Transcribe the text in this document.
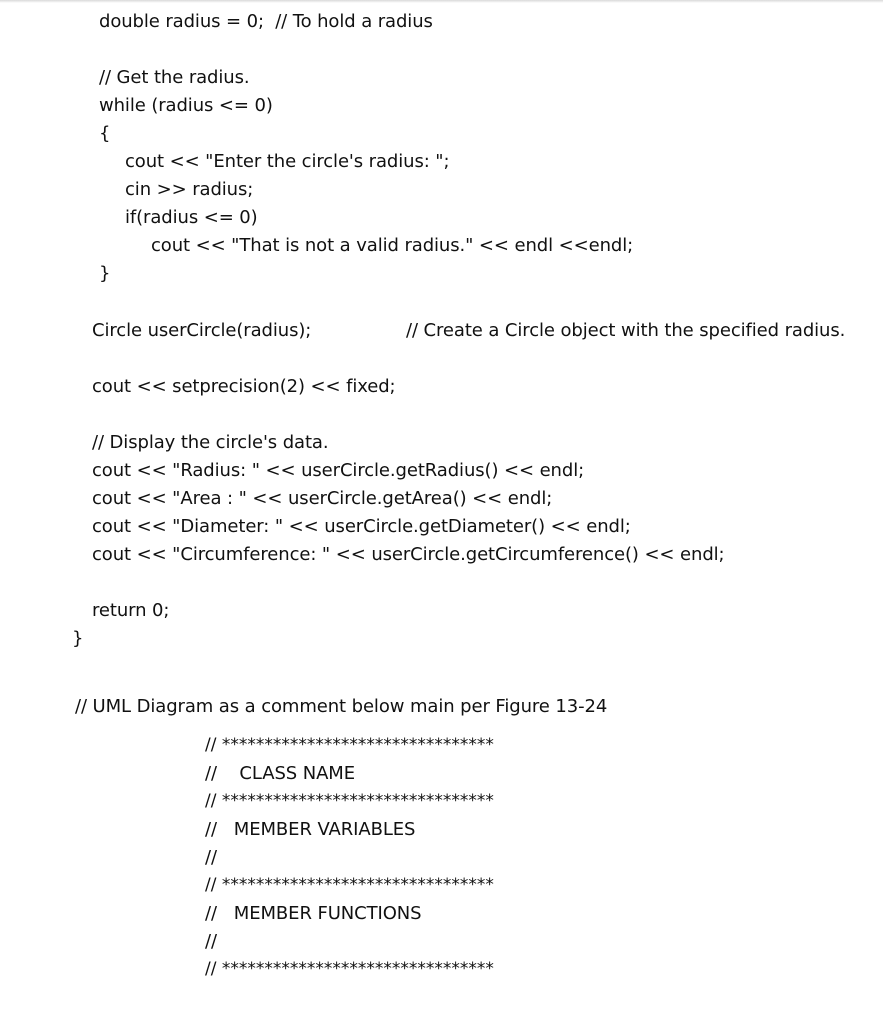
double radius = 0;  // To hold a radius
// Get the radius.
while (radius <= 0)
{
cout << "Enter the circle's radius: ";
cin >> radius;
if(radius <= 0)
cout << "That is not a valid radius." << endl <<endl;
}
Circle userCircle(radius);	// Create a Circle object with the specified radius.
cout << setprecision(2) << fixed;
// Display the circle's data.
cout << "Radius: " << userCircle.getRadius() << endl;
cout << "Area : " << userCircle.getArea() << endl;
cout << "Diameter: " << userCircle.getDiameter() << endl;
cout << "Circumference: " << userCircle.getCircumference() << endl;
return 0;
}
// UML Diagram as a comment below main per Figure 13-24
// ********************************
//    CLASS NAME
// ********************************
//   MEMBER VARIABLES
//
// ********************************
//   MEMBER FUNCTIONS
//
// ********************************
